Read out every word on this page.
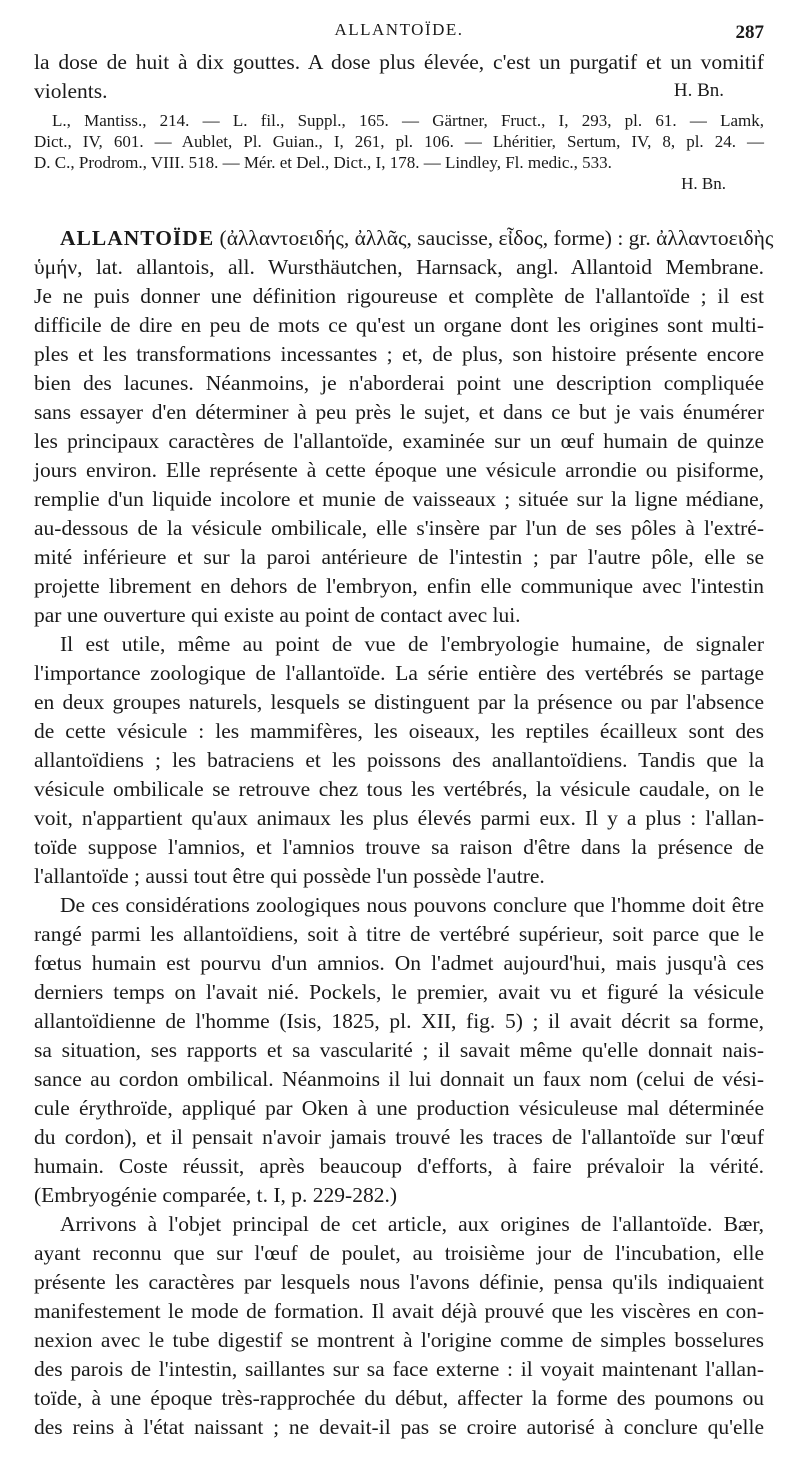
ALLANTOÏDE.	287
la dose de huit à dix gouttes. A dose plus élevée, c'est un purgatif et un vomitif
violents.	H. Bn.
L., Mantiss., 214. — L. fil., Suppl., 165. — Gärtner, Fruct., I, 293, pl. 61. — Lamk,
Dict., IV, 601. — Aublet, Pl. Guian., I, 261, pl. 106. — Lhéritier, Sertum, IV, 8, pl. 24. —
D. C., Prodrom., VIII. 518. — Mér. et Del., Dict., I, 178. — Lindley, Fl. medic., 533.
H. Bn.
ALLANTOÏDE (ἀλλαντοειδής, ἀλλᾶς, saucisse, εἶδος, forme) : gr. ἀλλαντοειδὴς
ὑμήν, lat. allantois, all. Wursthäutchen, Harnsack, angl. Allantoid Membrane.
Je ne puis donner une définition rigoureuse et complète de l'allantoïde ; il est
difficile de dire en peu de mots ce qu'est un organe dont les origines sont multi-
ples et les transformations incessantes ; et, de plus, son histoire présente encore
bien des lacunes. Néanmoins, je n'aborderai point une description compliquée
sans essayer d'en déterminer à peu près le sujet, et dans ce but je vais énumérer
les principaux caractères de l'allantoïde, examinée sur un œuf humain de quinze
jours environ. Elle représente à cette époque une vésicule arrondie ou pisiforme,
remplie d'un liquide incolore et munie de vaisseaux ; située sur la ligne médiane,
au-dessous de la vésicule ombilicale, elle s'insère par l'un de ses pôles à l'extré-
mité inférieure et sur la paroi antérieure de l'intestin ; par l'autre pôle, elle se
projette librement en dehors de l'embryon, enfin elle communique avec l'intestin
par une ouverture qui existe au point de contact avec lui.
Il est utile, même au point de vue de l'embryologie humaine, de signaler
l'importance zoologique de l'allantoïde. La série entière des vertébrés se partage
en deux groupes naturels, lesquels se distinguent par la présence ou par l'absence
de cette vésicule : les mammifères, les oiseaux, les reptiles écailleux sont des
allantoïdiens ; les batraciens et les poissons des anallantoïdiens. Tandis que la
vésicule ombilicale se retrouve chez tous les vertébrés, la vésicule caudale, on le
voit, n'appartient qu'aux animaux les plus élevés parmi eux. Il y a plus : l'allan-
toïde suppose l'amnios, et l'amnios trouve sa raison d'être dans la présence de
l'allantoïde ; aussi tout être qui possède l'un possède l'autre.
De ces considérations zoologiques nous pouvons conclure que l'homme doit être
rangé parmi les allantoïdiens, soit à titre de vertébré supérieur, soit parce que le
fœtus humain est pourvu d'un amnios. On l'admet aujourd'hui, mais jusqu'à ces
derniers temps on l'avait nié. Pockels, le premier, avait vu et figuré la vésicule
allantoïdienne de l'homme (Isis, 1825, pl. XII, fig. 5) ; il avait décrit sa forme,
sa situation, ses rapports et sa vascularité ; il savait même qu'elle donnait nais-
sance au cordon ombilical. Néanmoins il lui donnait un faux nom (celui de vési-
cule érythroïde, appliqué par Oken à une production vésiculeuse mal déterminée
du cordon), et il pensait n'avoir jamais trouvé les traces de l'allantoïde sur l'œuf
humain. Coste réussit, après beaucoup d'efforts, à faire prévaloir la vérité.
(Embryogénie comparée, t. I, p. 229-282.)
Arrivons à l'objet principal de cet article, aux origines de l'allantoïde. Bær,
ayant reconnu que sur l'œuf de poulet, au troisième jour de l'incubation, elle
présente les caractères par lesquels nous l'avons définie, pensa qu'ils indiquaient
manifestement le mode de formation. Il avait déjà prouvé que les viscères en con-
nexion avec le tube digestif se montrent à l'origine comme de simples bosselures
des parois de l'intestin, saillantes sur sa face externe : il voyait maintenant l'allan-
toïde, à une époque très-rapprochée du début, affecter la forme des poumons ou
des reins à l'état naissant ; ne devait-il pas se croire autorisé à conclure qu'elle
